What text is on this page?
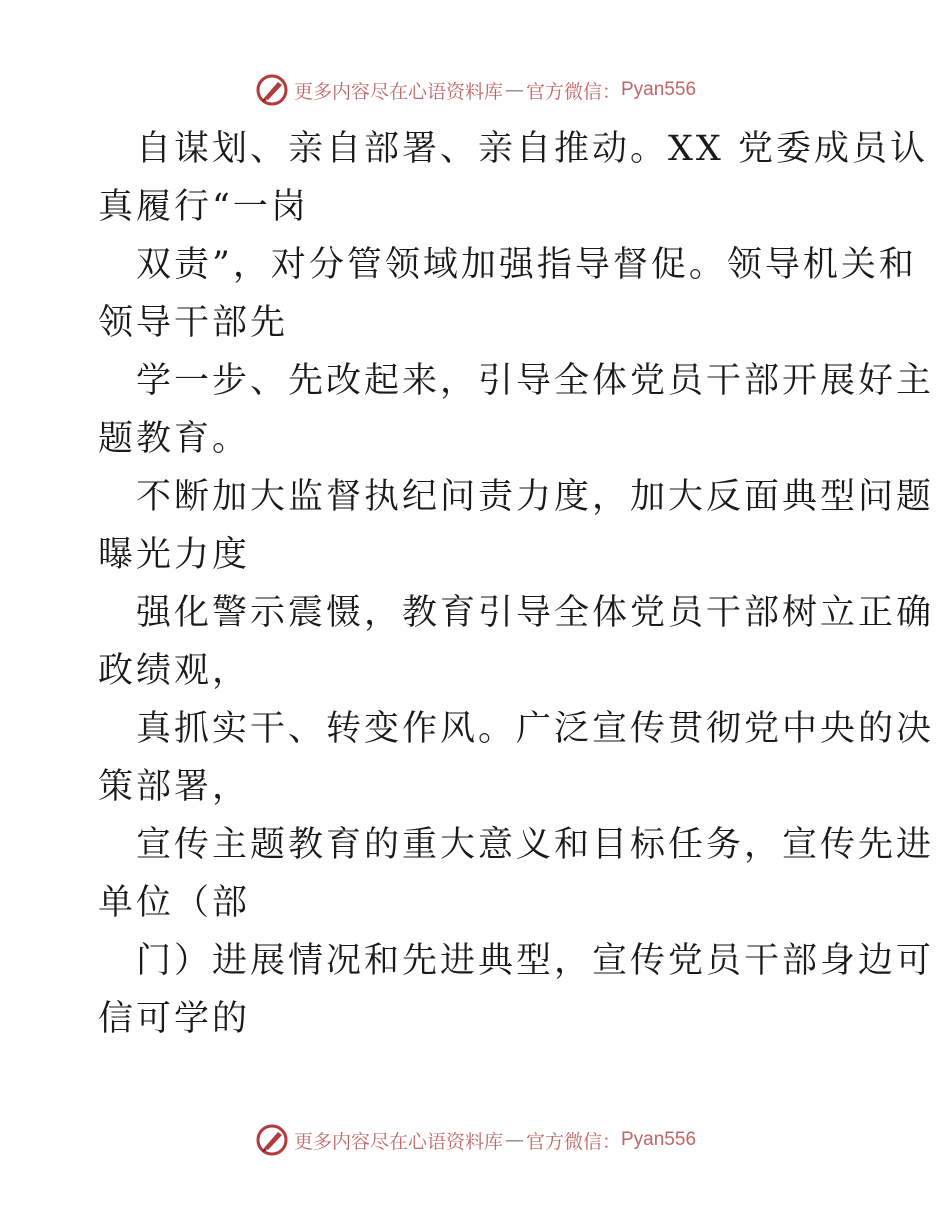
更多内容尽在心语资料库 — 官方微信： Pyan556

自谋划、亲自部署、亲自推动。XX 党委成员认
真履行“一岗

双责”，对分管领域加强指导督促。领导机关和
领导干部先

学一步、先改起来，引导全体党员干部开展好主
题教育。

不断加大监督执纪问责力度，加大反面典型问题
曝光力度

强化警示震慑，教育引导全体党员干部树立正确
政绩观，

真抓实干、转变作风。广泛宣传贯彻党中央的决
策部署，

宣传主题教育的重大意义和目标任务，宣传先进
单位（部

门）进展情况和先进典型，宣传党员干部身边可
信可学的

更多内容尽在心语资料库 — 官方微信： Pyan556
